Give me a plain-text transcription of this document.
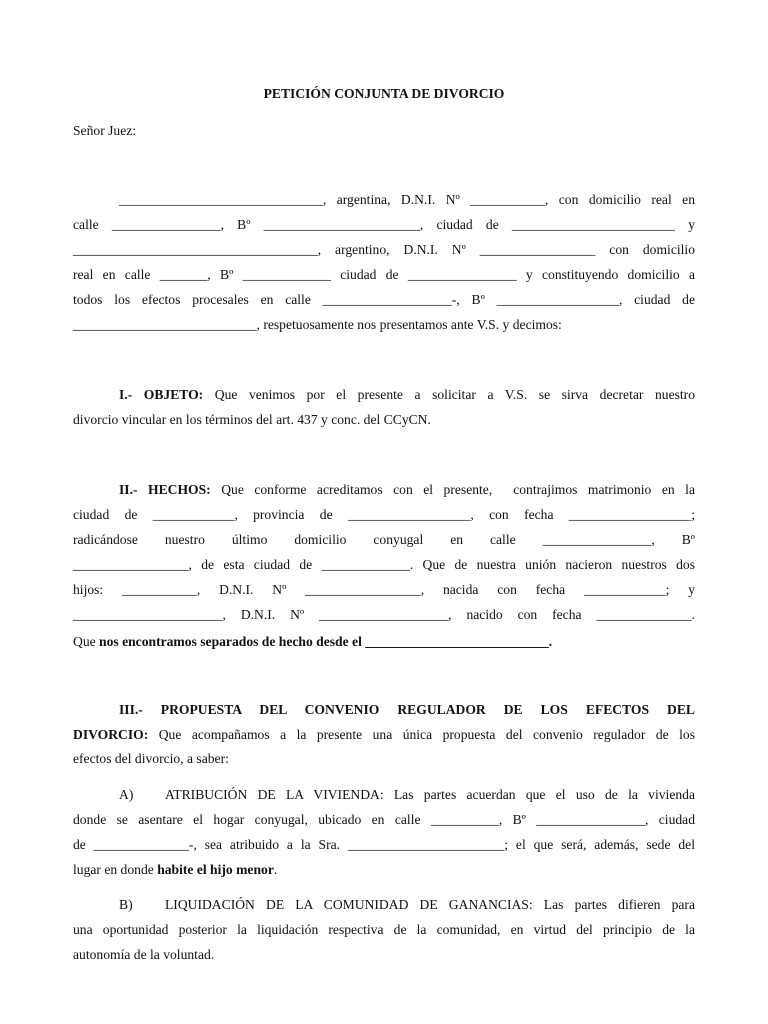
PETICIÓN CONJUNTA DE DIVORCIO
Señor Juez:
______________________________, argentina, D.N.I. Nº ___________, con domicilio real en
calle ________________, Bº _______________________, ciudad de ________________________ y
____________________________________, argentino, D.N.I. Nº _________________ con domicilio
real en calle _______, Bº _____________ ciudad de ________________ y constituyendo domicilio a
todos los efectos procesales en calle ___________________-, Bº __________________, ciudad de
___________________________, respetuosamente nos presentamos ante V.S. y decimos:
I.- OBJETO: Que venimos por el presente a solicitar a V.S. se sirva decretar nuestro
divorcio vincular en los términos del art. 437 y conc. del CCyCN.
II.- HECHOS: Que conforme acreditamos con el presente,  contrajimos matrimonio en la
ciudad de ____________, provincia de __________________, con fecha __________________;
radicándose nuestro último domicilio conyugal en calle ________________, Bº
_________________, de esta ciudad de _____________. Que de nuestra unión nacieron nuestros dos
hijos: ___________, D.N.I. Nº _________________, nacida con fecha ____________; y
______________________, D.N.I. Nº ___________________, nacido con fecha ______________.
Que nos encontramos separados de hecho desde el ___________________________.
III.- PROPUESTA DEL CONVENIO REGULADOR DE LOS EFECTOS DEL
DIVORCIO: Que acompañamos a la presente una única propuesta del convenio regulador de los
efectos del divorcio, a saber:
A)	ATRIBUCIÓN DE LA VIVIENDA: Las partes acuerdan que el uso de la vivienda
donde se asentare el hogar conyugal, ubicado en calle __________, Bº ________________, ciudad
de ______________-, sea atribuido a la Sra. _______________________; el que será, además, sede del
lugar en donde habite el hijo menor.
B)	LIQUIDACIÓN DE LA COMUNIDAD DE GANANCIAS: Las partes difieren para
una oportunidad posterior la liquidación respectiva de la comunidad, en virtud del principio de la
autonomía de la voluntad.
